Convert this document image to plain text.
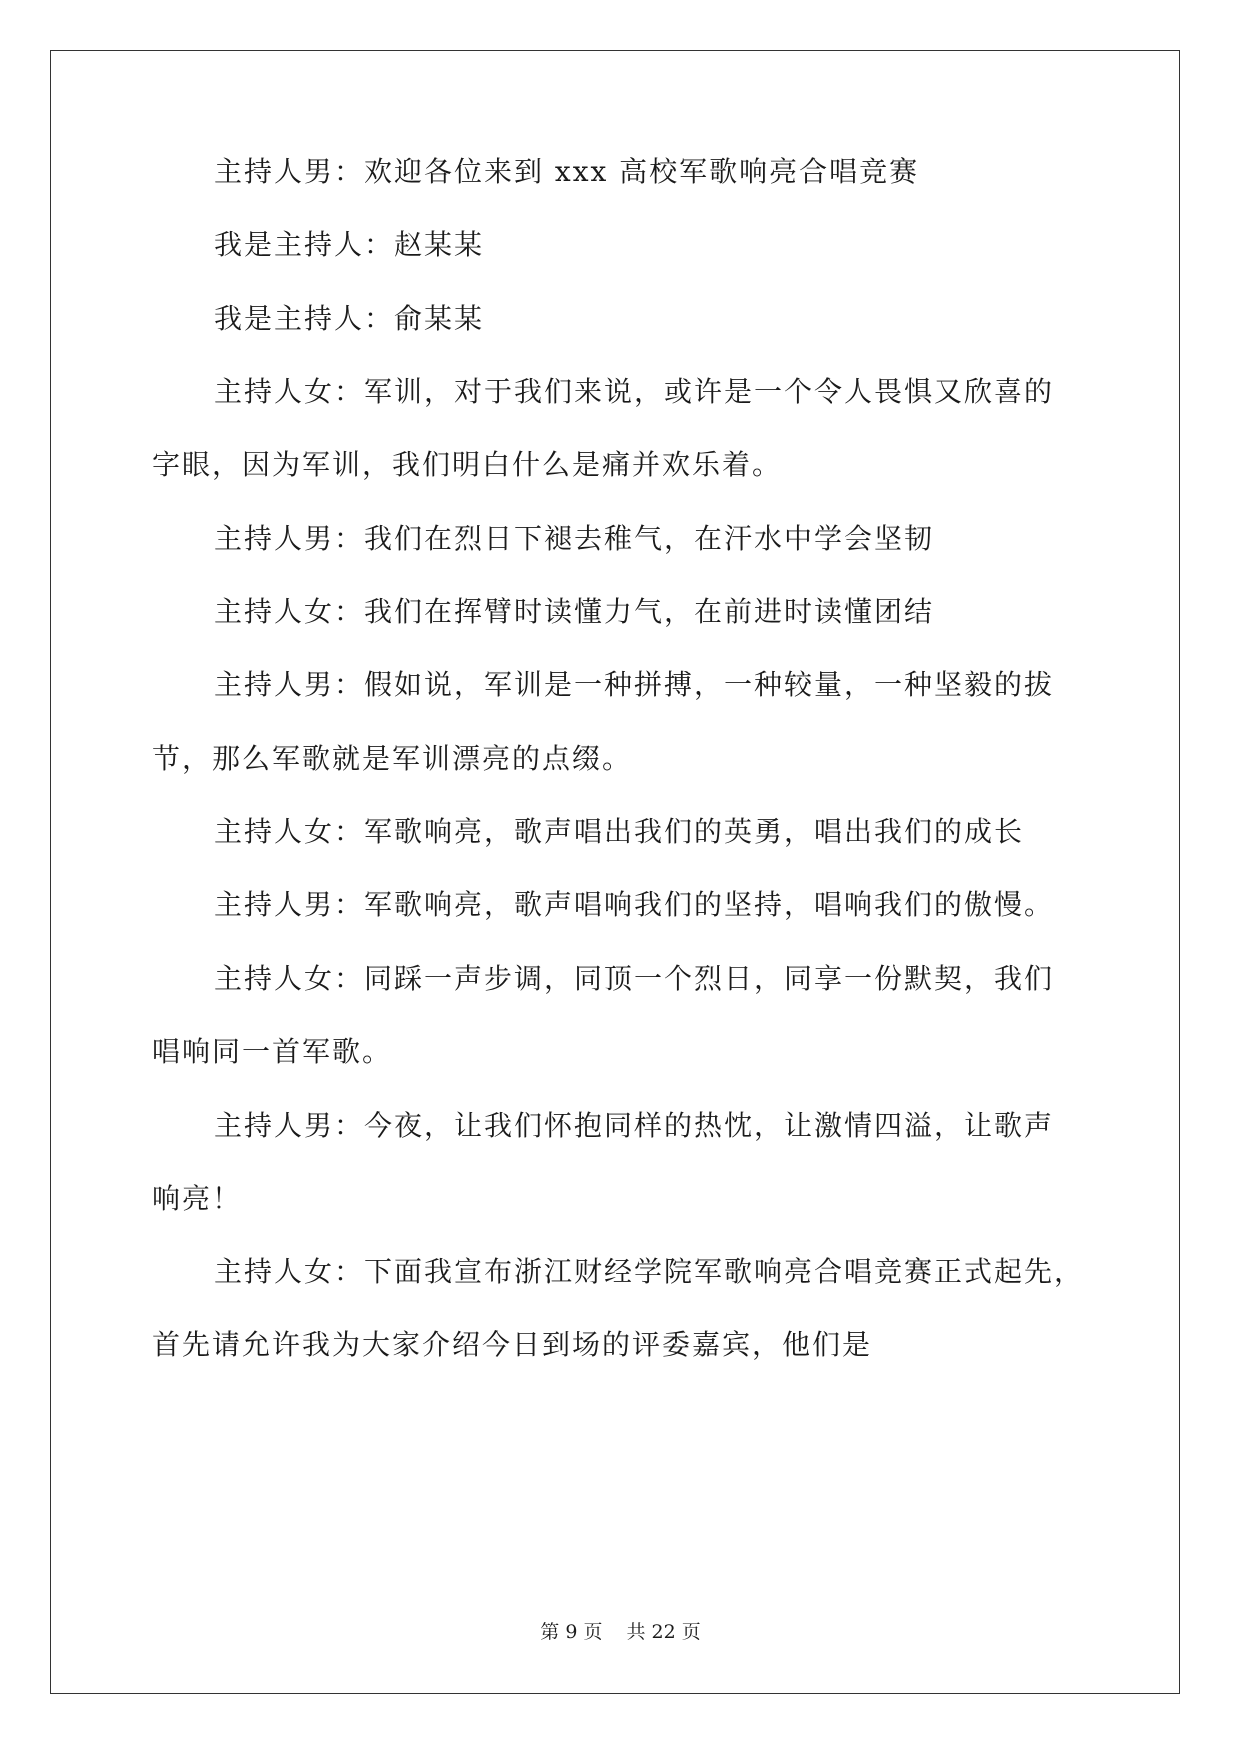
主持人男：欢迎各位来到 xxx 高校军歌响亮合唱竞赛

我是主持人：赵某某

我是主持人：俞某某

主持人女：军训，对于我们来说，或许是一个令人畏惧又欣喜的

字眼，因为军训，我们明白什么是痛并欢乐着。

主持人男：我们在烈日下褪去稚气，在汗水中学会坚韧

主持人女：我们在挥臂时读懂力气，在前进时读懂团结

主持人男：假如说，军训是一种拼搏，一种较量，一种坚毅的拔

节，那么军歌就是军训漂亮的点缀。

主持人女：军歌响亮，歌声唱出我们的英勇，唱出我们的成长

主持人男：军歌响亮，歌声唱响我们的坚持，唱响我们的傲慢。

主持人女：同踩一声步调，同顶一个烈日，同享一份默契，我们

唱响同一首军歌。

主持人男：今夜，让我们怀抱同样的热忱，让激情四溢，让歌声

响亮！

主持人女：下面我宣布浙江财经学院军歌响亮合唱竞赛正式起先，

首先请允许我为大家介绍今日到场的评委嘉宾，他们是

第 9 页 共 22 页
